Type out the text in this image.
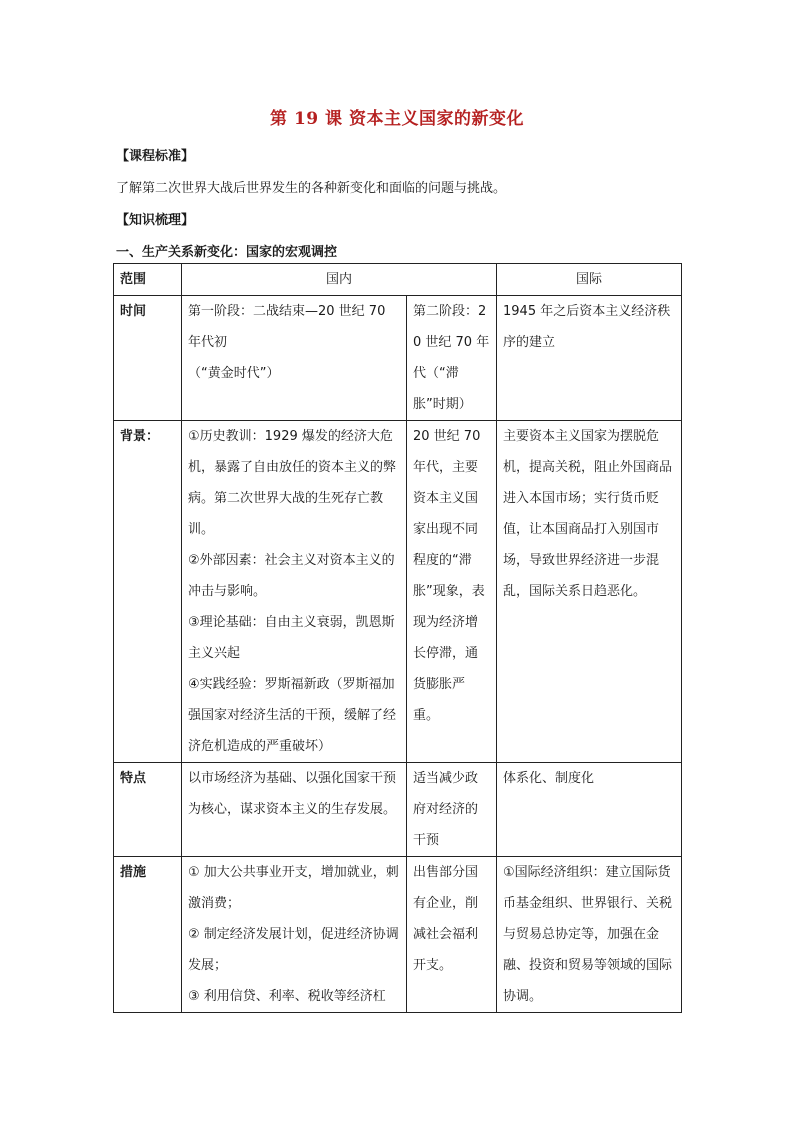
第 19 课 资本主义国家的新变化
【课程标准】
了解第二次世界大战后世界发生的各种新变化和面临的问题与挑战。
【知识梳理】
一、生产关系新变化：国家的宏观调控
范围	国内		国际
时间	第一阶段：二战结束—20 世纪 70 年代初
（“黄金时代”）	第二阶段：20 世纪 70 年代（“滞胀”时期）	1945 年之后资本主义经济秩序的建立
背景：	①历史教训：1929 爆发的经济大危机，暴露了自由放任的资本主义的弊病。第二次世界大战的生死存亡教训。
②外部因素：社会主义对资本主义的冲击与影响。
③理论基础：自由主义衰弱，凯恩斯主义兴起
④实践经验：罗斯福新政（罗斯福加强国家对经济生活的干预，缓解了经济危机造成的严重破坏）	20 世纪 70 年代，主要资本主义国家出现不同程度的“滞胀”现象，表现为经济增长停滞，通货膨胀严重。	主要资本主义国家为摆脱危机，提高关税，阻止外国商品进入本国市场；实行货币贬值，让本国商品打入别国市场，导致世界经济进一步混乱，国际关系日趋恶化。
特点	以市场经济为基础、以强化国家干预为核心，谋求资本主义的生存发展。	适当减少政府对经济的干预	体系化、制度化
措施	① 加大公共事业开支，增加就业，刺激消费；
② 制定经济发展计划，促进经济协调发展；
③ 利用信贷、利率、税收等经济杠	出售部分国有企业，削减社会福利开支。	①国际经济组织：建立国际货币基金组织、世界银行、关税与贸易总协定等，加强在金融、投资和贸易等领域的国际协调。
